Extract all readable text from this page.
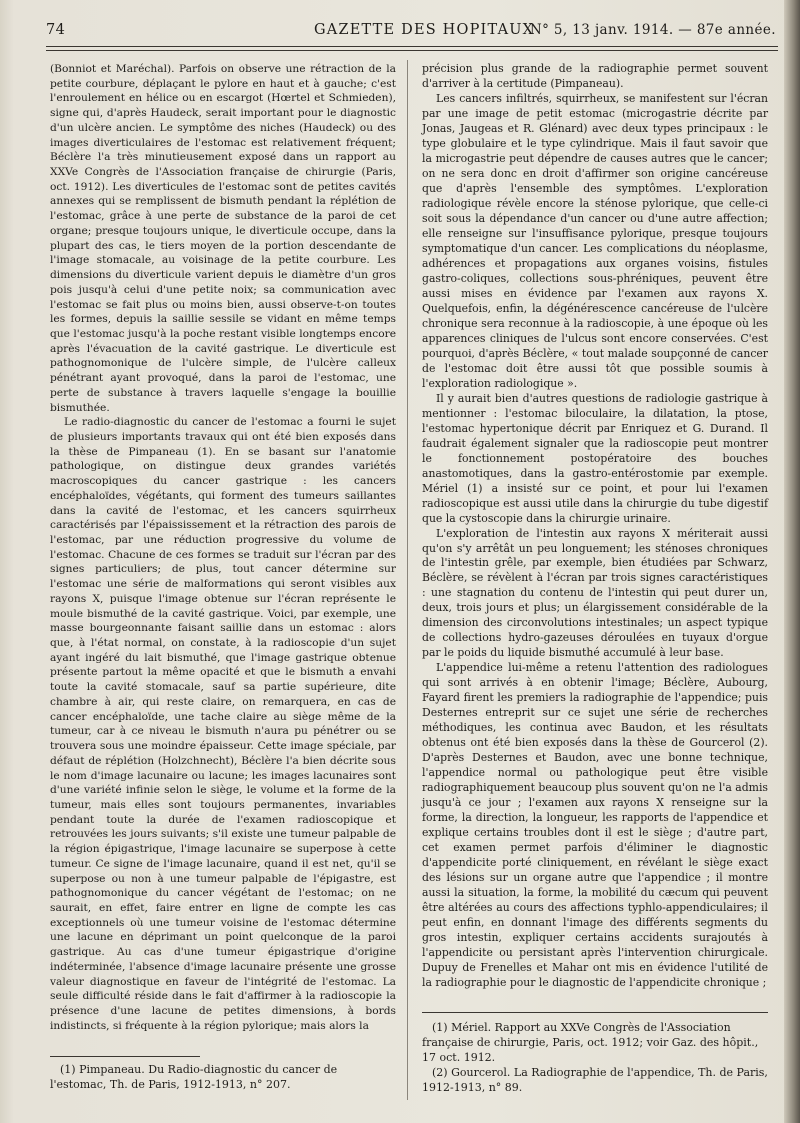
74	GAZETTE DES HOPITAUX
N° 5, 13 janv. 1914. — 87e année.

(Bonniot et Maréchal). Parfois on observe une rétraction de la petite courbure, déplaçant le pylore en haut et à gauche; c'est l'enroulement en hélice ou en escargot (Hœrtel et Schmieden), signe qui, d'après Haudeck, serait important pour le diagnostic d'un ulcère ancien. Le symptôme des niches (Haudeck) ou des images diverticulaires de l'estomac est relativement fréquent; Béclère l'a très minutieusement exposé dans un rapport au XXVe Congrès de l'Association française de chirurgie (Paris, oct. 1912). Les diverticules de l'estomac sont de petites cavités annexes qui se remplissent de bismuth pendant la réplétion de l'estomac, grâce à une perte de substance de la paroi de cet organe; presque toujours unique, le diverticule occupe, dans la plupart des cas, le tiers moyen de la portion descendante de l'image stomacale, au voisinage de la petite courbure. Les dimensions du diverticule varient depuis le diamètre d'un gros pois jusqu'à celui d'une petite noix; sa communication avec l'estomac se fait plus ou moins bien, aussi observe-t-on toutes les formes, depuis la saillie sessile se vidant en même temps que l'estomac jusqu'à la poche restant visible longtemps encore après l'évacuation de la cavité gastrique. Le diverticule est pathognomonique de l'ulcère simple, de l'ulcère calleux pénétrant ayant provoqué, dans la paroi de l'estomac, une perte de substance à travers laquelle s'engage la bouillie bismuthée.

Le radio-diagnostic du cancer de l'estomac a fourni le sujet de plusieurs importants travaux qui ont été bien exposés dans la thèse de Pimpaneau (1). En se basant sur l'anatomie pathologique, on distingue deux grandes variétés macroscopiques du cancer gastrique : les cancers encéphaloïdes, végétants, qui forment des tumeurs saillantes dans la cavité de l'estomac, et les cancers squirrheux caractérisés par l'épaississement et la rétraction des parois de l'estomac, par une réduction progressive du volume de l'estomac. Chacune de ces formes se traduit sur l'écran par des signes particuliers; de plus, tout cancer détermine sur l'estomac une série de malformations qui seront visibles aux rayons X, puisque l'image obtenue sur l'écran représente le moule bismuthé de la cavité gastrique. Voici, par exemple, une masse bourgeonnante faisant saillie dans un estomac : alors que, à l'état normal, on constate, à la radioscopie d'un sujet ayant ingéré du lait bismuthé, que l'image gastrique obtenue présente partout la même opacité et que le bismuth a envahi toute la cavité stomacale, sauf sa partie supérieure, dite chambre à air, qui reste claire, on remarquera, en cas de cancer encéphaloïde, une tache claire au siège même de la tumeur, car à ce niveau le bismuth n'aura pu pénétrer ou se trouvera sous une moindre épaisseur. Cette image spéciale, par défaut de réplétion (Holzchnecht), Béclère l'a bien décrite sous le nom d'image lacunaire ou lacune; les images lacunaires sont d'une variété infinie selon le siège, le volume et la forme de la tumeur, mais elles sont toujours permanentes, invariables pendant toute la durée de l'examen radioscopique et retrouvées les jours suivants; s'il existe une tumeur palpable de la région épigastrique, l'image lacunaire se superpose à cette tumeur. Ce signe de l'image lacunaire, quand il est net, qu'il se superpose ou non à une tumeur palpable de l'épigastre, est pathognomonique du cancer végétant de l'estomac; on ne saurait, en effet, faire entrer en ligne de compte les cas exceptionnels où une tumeur voisine de l'estomac détermine une lacune en déprimant un point quelconque de la paroi gastrique. Au cas d'une tumeur épigastrique d'origine indéterminée, l'absence d'image lacunaire présente une grosse valeur diagnostique en faveur de l'intégrité de l'estomac. La seule difficulté réside dans le fait d'affirmer à la radioscopie la présence d'une lacune de petites dimensions, à bords indistincts, si fréquente à la région pylorique; mais alors la

précision plus grande de la radiographie permet souvent d'arriver à la certitude (Pimpaneau).

Les cancers infiltrés, squirrheux, se manifestent sur l'écran par une image de petit estomac (microgastrie décrite par Jonas, Jaugeas et R. Glénard) avec deux types principaux : le type globulaire et le type cylindrique. Mais il faut savoir que la microgastrie peut dépendre de causes autres que le cancer; on ne sera donc en droit d'affirmer son origine cancéreuse que d'après l'ensemble des symptômes. L'exploration radiologique révèle encore la sténose pylorique, que celle-ci soit sous la dépendance d'un cancer ou d'une autre affection; elle renseigne sur l'insuffisance pylorique, presque toujours symptomatique d'un cancer. Les complications du néoplasme, adhérences et propagations aux organes voisins, fistules gastro-coliques, collections sous-phréniques, peuvent être aussi mises en évidence par l'examen aux rayons X. Quelquefois, enfin, la dégénérescence cancéreuse de l'ulcère chronique sera reconnue à la radioscopie, à une époque où les apparences cliniques de l'ulcus sont encore conservées. C'est pourquoi, d'après Béclère, « tout malade soupçonné de cancer de l'estomac doit être aussi tôt que possible soumis à l'exploration radiologique ».

Il y aurait bien d'autres questions de radiologie gastrique à mentionner : l'estomac biloculaire, la dilatation, la ptose, l'estomac hypertonique décrit par Enriquez et G. Durand. Il faudrait également signaler que la radioscopie peut montrer le fonctionnement postopératoire des bouches anastomotiques, dans la gastro-entérostomie par exemple. Mériel (1) a insisté sur ce point, et pour lui l'examen radioscopique est aussi utile dans la chirurgie du tube digestif que la cystoscopie dans la chirurgie urinaire.

L'exploration de l'intestin aux rayons X mériterait aussi qu'on s'y arrêtât un peu longuement; les sténoses chroniques de l'intestin grêle, par exemple, bien étudiées par Schwarz, Béclère, se révèlent à l'écran par trois signes caractéristiques : une stagnation du contenu de l'intestin qui peut durer un, deux, trois jours et plus; un élargissement considérable de la dimension des circonvolutions intestinales; un aspect typique de collections hydro-gazeuses déroulées en tuyaux d'orgue par le poids du liquide bismuthé accumulé à leur base.

L'appendice lui-même a retenu l'attention des radiologues qui sont arrivés à en obtenir l'image; Béclère, Aubourg, Fayard firent les premiers la radiographie de l'appendice; puis Desternes entreprit sur ce sujet une série de recherches méthodiques, les continua avec Baudon, et les résultats obtenus ont été bien exposés dans la thèse de Gourcerol (2). D'après Desternes et Baudon, avec une bonne technique, l'appendice normal ou pathologique peut être visible radiographiquement beaucoup plus souvent qu'on ne l'a admis jusqu'à ce jour ; l'examen aux rayons X renseigne sur la forme, la direction, la longueur, les rapports de l'appendice et explique certains troubles dont il est le siège ; d'autre part, cet examen permet parfois d'éliminer le diagnostic d'appendicite porté cliniquement, en révélant le siège exact des lésions sur un organe autre que l'appendice ; il montre aussi la situation, la forme, la mobilité du cæcum qui peuvent être altérées au cours des affections typhlo-appendiculaires; il peut enfin, en donnant l'image des différents segments du gros intestin, expliquer certains accidents surajoutés à l'appendicite ou persistant après l'intervention chirurgicale. Dupuy de Frenelles et Mahar ont mis en évidence l'utilité de la radiographie pour le diagnostic de l'appendicite chronique ;

(1) Pimpaneau. Du Radio-diagnostic du cancer de l'estomac, Th. de Paris, 1912-1913, n° 207.

(1) Mériel. Rapport au XXVe Congrès de l'Association française de chirurgie, Paris, oct. 1912; voir Gaz. des hôpit., 17 oct. 1912.

(2) Gourcerol. La Radiographie de l'appendice, Th. de Paris, 1912-1913, n° 89.
